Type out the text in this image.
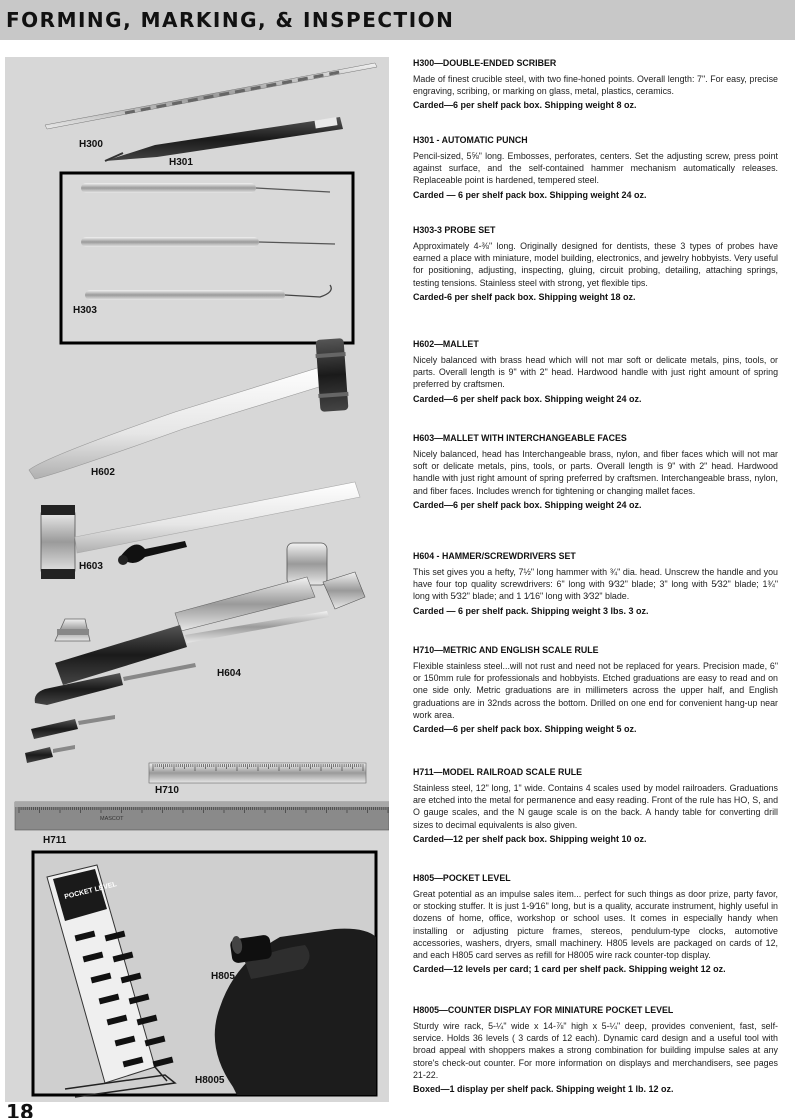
FORMING, MARKING, & INSPECTION
H300
H301
H303
H602
H603
H604
H710
MASCOT
H711
POCKET LEVEL
H805
H8005
H300—DOUBLE-ENDED SCRIBER

Made of finest crucible steel, with two fine-honed points. Overall length: 7". For easy, precise engraving, scribing, or marking on glass, metal, plastics, ceramics.

Carded—6 per shelf pack box. Shipping weight 8 oz.

H301 - AUTOMATIC PUNCH

Pencil-sized, 5⅝" long. Embosses, perforates, centers. Set the adjusting screw, press point against surface, and the self-contained hammer mechanism automatically releases. Replaceable point is hardened, tempered steel.

Carded — 6 per shelf pack box. Shipping weight 24 oz.

H303-3 PROBE SET

Approximately 4-⅜" long. Originally designed for dentists, these 3 types of probes have earned a place with miniature, model building, electronics, and jewelry hobbyists. Very useful for positioning, adjusting, inspecting, gluing, circuit probing, detailing, attaching springs, testing tensions. Stainless steel with strong, yet flexible tips.

Carded-6 per shelf pack box. Shipping weight 18 oz.

H602—MALLET

Nicely balanced with brass head which will not mar soft or delicate metals, pins, tools, or parts. Overall length is 9" with 2" head. Hardwood handle with just right amount of spring preferred by craftsmen.

Carded—6 per shelf pack box. Shipping weight 24 oz.

H603—MALLET WITH INTERCHANGEABLE FACES

Nicely balanced, head has Interchangeable brass, nylon, and fiber faces which will not mar soft or delicate metals, pins, tools, or parts. Overall length is 9" with 2" head. Hardwood handle with just right amount of spring preferred by craftsmen. Interchangeable brass, nylon, and fiber faces. Includes wrench for tightening or changing mallet faces.

Carded—6 per shelf pack box. Shipping weight 24 oz.

H604 - HAMMER/SCREWDRIVERS SET

This set gives you a hefty, 7½" long hammer with ¾" dia. head. Unscrew the handle and you have four top quality screwdrivers: 6" long with 9⁄32" blade; 3" long with 5⁄32" blade; 1¾" long with 5⁄32" blade; and 1 1⁄16" long with 3⁄32" blade.

Carded — 6 per shelf pack. Shipping weight 3 lbs. 3 oz.

H710—METRIC AND ENGLISH SCALE RULE

Flexible stainless steel...will not rust and need not be replaced for years. Precision made, 6" or 150mm rule for professionals and hobbyists. Etched graduations are easy to read and on one side only. Metric graduations are in millimeters across the upper half, and English graduations are in 32nds across the bottom. Drilled on one end for convenient hang-up near work area.

Carded—6 per shelf pack box. Shipping weight 5 oz.

H711—MODEL RAILROAD SCALE RULE

Stainless steel, 12" long, 1" wide. Contains 4 scales used by model railroaders. Graduations are etched into the metal for permanence and easy reading. Front of the rule has HO, S, and O gauge scales, and the N gauge scale is on the back. A handy table for converting drill sizes to decimal equivalents is also given.

Carded—12 per shelf pack box. Shipping weight 10 oz.

H805—POCKET LEVEL

Great potential as an impulse sales item... perfect for such things as door prize, party favor, or stocking stuffer. It is just 1-9⁄16" long, but is a quality, accurate instrument, highly useful in dozens of home, office, workshop or school uses. It comes in especially handy when installing or adjusting picture frames, stereos, pendulum-type clocks, automotive accessories, washers, dryers, small machinery. H805 levels are packaged on cards of 12, and each H805 card serves as refill for H8005 wire rack counter-top display.

Carded—12 levels per card; 1 card per shelf pack. Shipping weight 12 oz.

H8005—COUNTER DISPLAY FOR MINIATURE POCKET LEVEL

Sturdy wire rack, 5-¼" wide x 14-⅞" high x 5-¼" deep, provides convenient, fast, self-service. Holds 36 levels ( 3 cards of 12 each). Dynamic card design and a useful tool with broad appeal with shoppers makes a strong combination for building impulse sales at any store's check-out counter. For more information on displays and merchandisers, see pages 21-22.

Boxed—1 display per shelf pack. Shipping weight 1 lb. 12 oz.

18
